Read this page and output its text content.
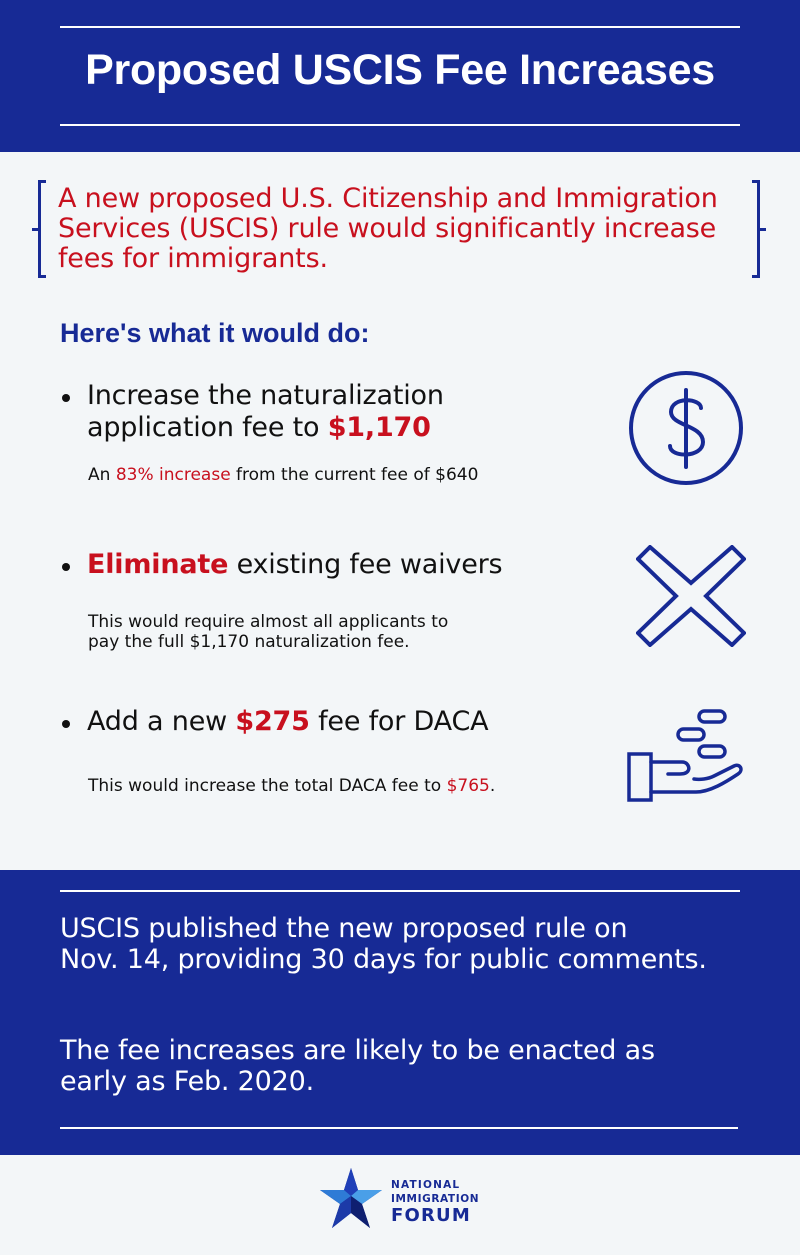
Proposed USCIS Fee Increases
A new proposed U.S. Citizenship and Immigration Services (USCIS) rule would significantly increase fees for immigrants.
Here's what it would do:
Increase the naturalization
application fee to $1,170
An 83% increase from the current fee of $640
Eliminate existing fee waivers
This would require almost all applicants to
pay the full $1,170 naturalization fee.
Add a new $275 fee for DACA
This would increase the total DACA fee to $765.
USCIS published the new proposed rule on
Nov. 14, providing 30 days for public comments.
The fee increases are likely to be enacted as
early as Feb. 2020.
NATIONAL
IMMIGRATION
FORUM
